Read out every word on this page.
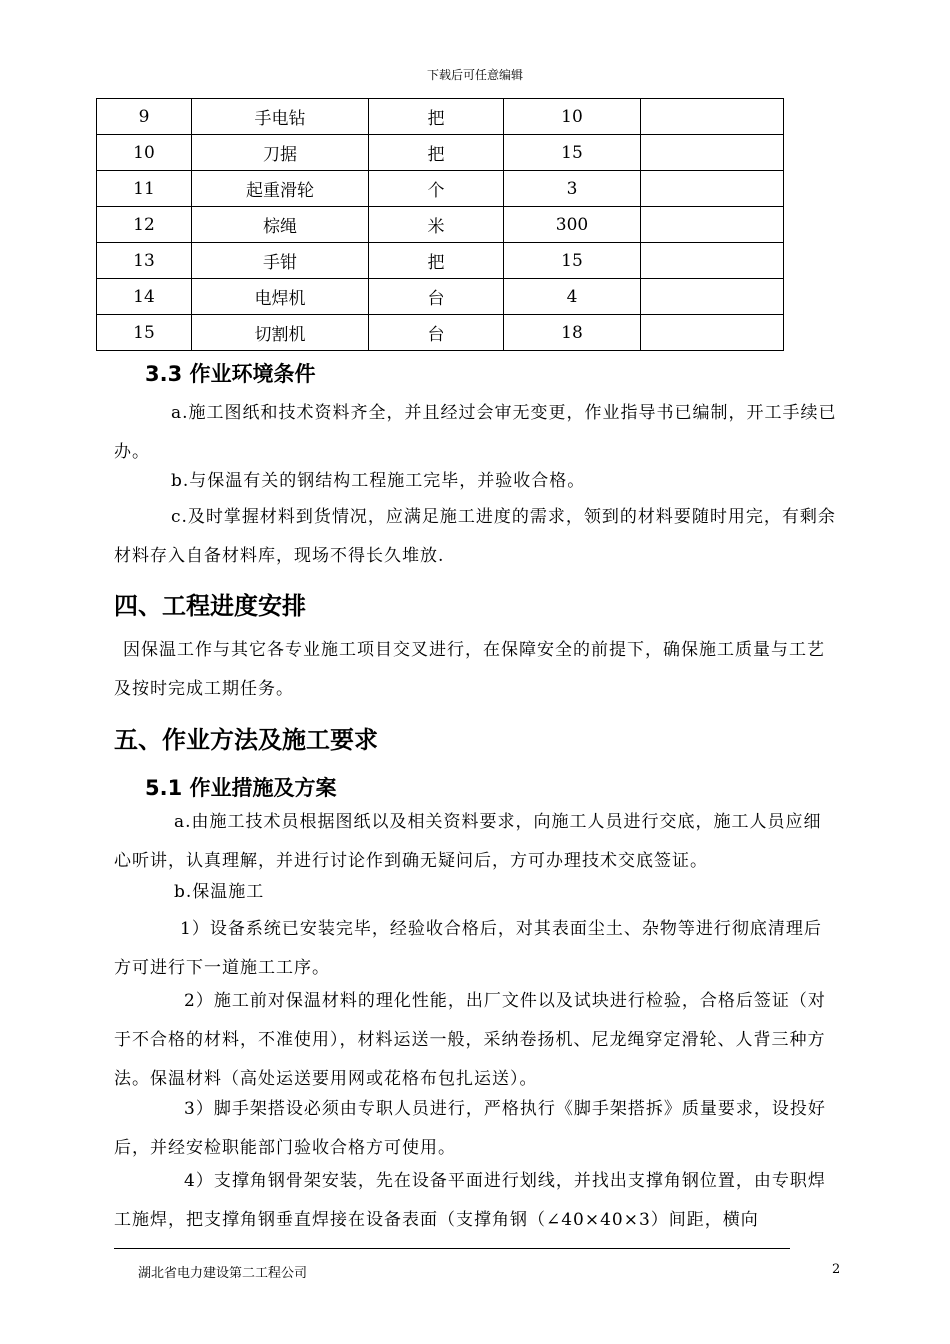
下载后可任意编辑
9	手电钻	把	10	
10	刀据	把	15	
11	起重滑轮	个	3	
12	棕绳	米	300	
13	手钳	把	15	
14	电焊机	台	4	
15	切割机	台	18	
3.3 作业环境条件
a.施工图纸和技术资料齐全，并且经过会审无变更，作业指导书已编制，开工手续已办。
b.与保温有关的钢结构工程施工完毕，并验收合格。
c.及时掌握材料到货情况，应满足施工进度的需求，领到的材料要随时用完，有剩余材料存入自备材料库，现场不得长久堆放.
四、工程进度安排
因保温工作与其它各专业施工项目交叉进行，在保障安全的前提下，确保施工质量与工艺及按时完成工期任务。
五、作业方法及施工要求
5.1 作业措施及方案
a.由施工技术员根据图纸以及相关资料要求，向施工人员进行交底，施工人员应细心听讲，认真理解，并进行讨论作到确无疑问后，方可办理技术交底签证。
b.保温施工
1）设备系统已安装完毕，经验收合格后，对其表面尘土、杂物等进行彻底清理后方可进行下一道施工工序。
2）施工前对保温材料的理化性能，出厂文件以及试块进行检验，合格后签证（对于不合格的材料，不准使用），材料运送一般，采纳卷扬机、尼龙绳穿定滑轮、人背三种方法。保温材料（高处运送要用网或花格布包扎运送）。
3）脚手架搭设必须由专职人员进行，严格执行《脚手架搭拆》质量要求，设投好后，并经安检职能部门验收合格方可使用。
4）支撑角钢骨架安装，先在设备平面进行划线，并找出支撑角钢位置，由专职焊工施焊，把支撑角钢垂直焊接在设备表面（支撑角钢（∠40×40×3）间距，横向
湖北省电力建设第二工程公司	2
